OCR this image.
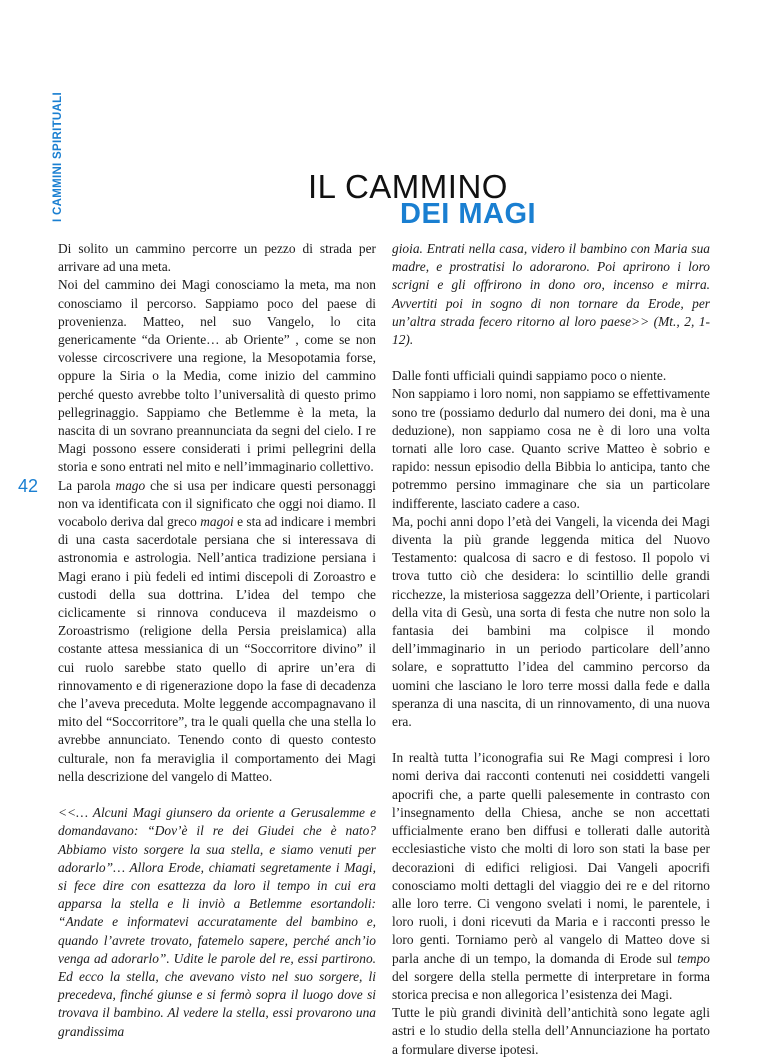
I CAMMINI SPIRITUALI
42
IL CAMMINO
DEI MAGI

Di solito un cammino percorre un pezzo di strada per arrivare ad una meta.

Noi del cammino dei Magi conosciamo la meta, ma non conosciamo il percorso. Sappiamo poco del paese di provenienza. Matteo, nel suo Vangelo, lo cita genericamente “da Oriente… ab Oriente” , come se non volesse circoscrivere una regione, la Mesopotamia forse, oppure la Siria o la Media, come inizio del cammino perché questo avrebbe tolto l’universalità di questo primo pellegrinaggio. Sappiamo che Betlemme è la meta, la nascita di un sovrano preannunciata da segni del cielo. I re Magi possono essere considerati i primi pellegrini della storia e sono entrati nel mito e nell’immaginario collettivo.

La parola mago che si usa per indicare questi personaggi non va identificata con il significato che oggi noi diamo. Il vocabolo deriva dal greco magoi e sta ad indicare i membri di una casta sacerdotale persiana che si interessava di astronomia e astrologia. Nell’antica tradizione persiana i Magi erano i più fedeli ed intimi discepoli di Zoroastro e custodi della sua dottrina. L’idea del tempo che ciclicamente si rinnova conduceva il mazdeismo o Zoroastrismo (religione della Persia preislamica) alla costante attesa messianica di un “Soccorritore divino” il cui ruolo sarebbe stato quello di aprire un’era di rinnovamento e di rigenerazione dopo la fase di decadenza che l’aveva preceduta. Molte leggende accompagnavano il mito del “Soccorritore”, tra le quali quella che una stella lo avrebbe annunciato. Tenendo conto di questo contesto culturale, non fa meraviglia il comportamento dei Magi nella descrizione del vangelo di Matteo.

<<… Alcuni Magi giunsero da oriente a Gerusalemme e domandavano: “Dov’è il re dei Giudei che è nato? Abbiamo visto sorgere la sua stella, e siamo venuti per adorarlo”… Allora Erode, chiamati segretamente i Magi, si fece dire con esattezza da loro il tempo in cui era apparsa la stella e li inviò a Betlemme esortandoli: “Andate e informatevi accuratamente del bambino e, quando l’avrete trovato, fatemelo sapere, perché anch’io venga ad adorarlo”. Udite le parole del re, essi partirono. Ed ecco la stella, che avevano visto nel suo sorgere, li precedeva, finché giunse e si fermò sopra il luogo dove si trovava il bambino. Al vedere la stella, essi provarono una grandissima

gioia. Entrati nella casa, videro il bambino con Maria sua madre, e prostratisi lo adorarono. Poi aprirono i loro scrigni e gli offrirono in dono oro, incenso e mirra. Avvertiti poi in sogno di non tornare da Erode, per un’altra strada fecero ritorno al loro paese>> (Mt., 2, 1-12).

Dalle fonti ufficiali quindi sappiamo poco o niente.

Non sappiamo i loro nomi, non sappiamo se effettivamente sono tre (possiamo dedurlo dal numero dei doni, ma è una deduzione), non sappiamo cosa ne è di loro una volta tornati alle loro case. Quanto scrive Matteo è sobrio e rapido: nessun episodio della Bibbia lo anticipa, tanto che potremmo persino immaginare che sia un particolare indifferente, lasciato cadere a caso.

Ma, pochi anni dopo l’età dei Vangeli, la vicenda dei Magi diventa la più grande leggenda mitica del Nuovo Testamento: qualcosa di sacro e di festoso. Il popolo vi trova tutto ciò che desidera: lo scintillio delle grandi ricchezze, la misteriosa saggezza dell’Oriente, i particolari della vita di Gesù, una sorta di festa che nutre non solo la fantasia dei bambini ma colpisce il mondo dell’immaginario in un periodo particolare dell’anno solare, e soprattutto l’idea del cammino percorso da uomini che lasciano le loro terre mossi dalla fede e dalla speranza di una nascita, di un rinnovamento, di una nuova era.

In realtà tutta l’iconografia sui Re Magi compresi i loro nomi deriva dai racconti contenuti nei cosiddetti vangeli apocrifi che, a parte quelli palesemente in contrasto con l’insegnamento della Chiesa, anche se non accettati ufficialmente erano ben diffusi e tollerati dalle autorità ecclesiastiche visto che molti di loro son stati la base per decorazioni di edifici religiosi. Dai Vangeli apocrifi conosciamo molti dettagli del viaggio dei re e del ritorno alle loro terre. Ci vengono svelati i nomi, le parentele, i loro ruoli, i doni ricevuti da Maria e i racconti presso le loro genti. Torniamo però al vangelo di Matteo dove si parla anche di un tempo, la domanda di Erode sul tempo del sorgere della stella permette di interpretare in forma storica precisa e non allegorica l’esistenza dei Magi.

Tutte le più grandi divinità dell’antichità sono legate agli astri e lo studio della stella dell’Annunciazione ha portato a formulare diverse ipotesi.
